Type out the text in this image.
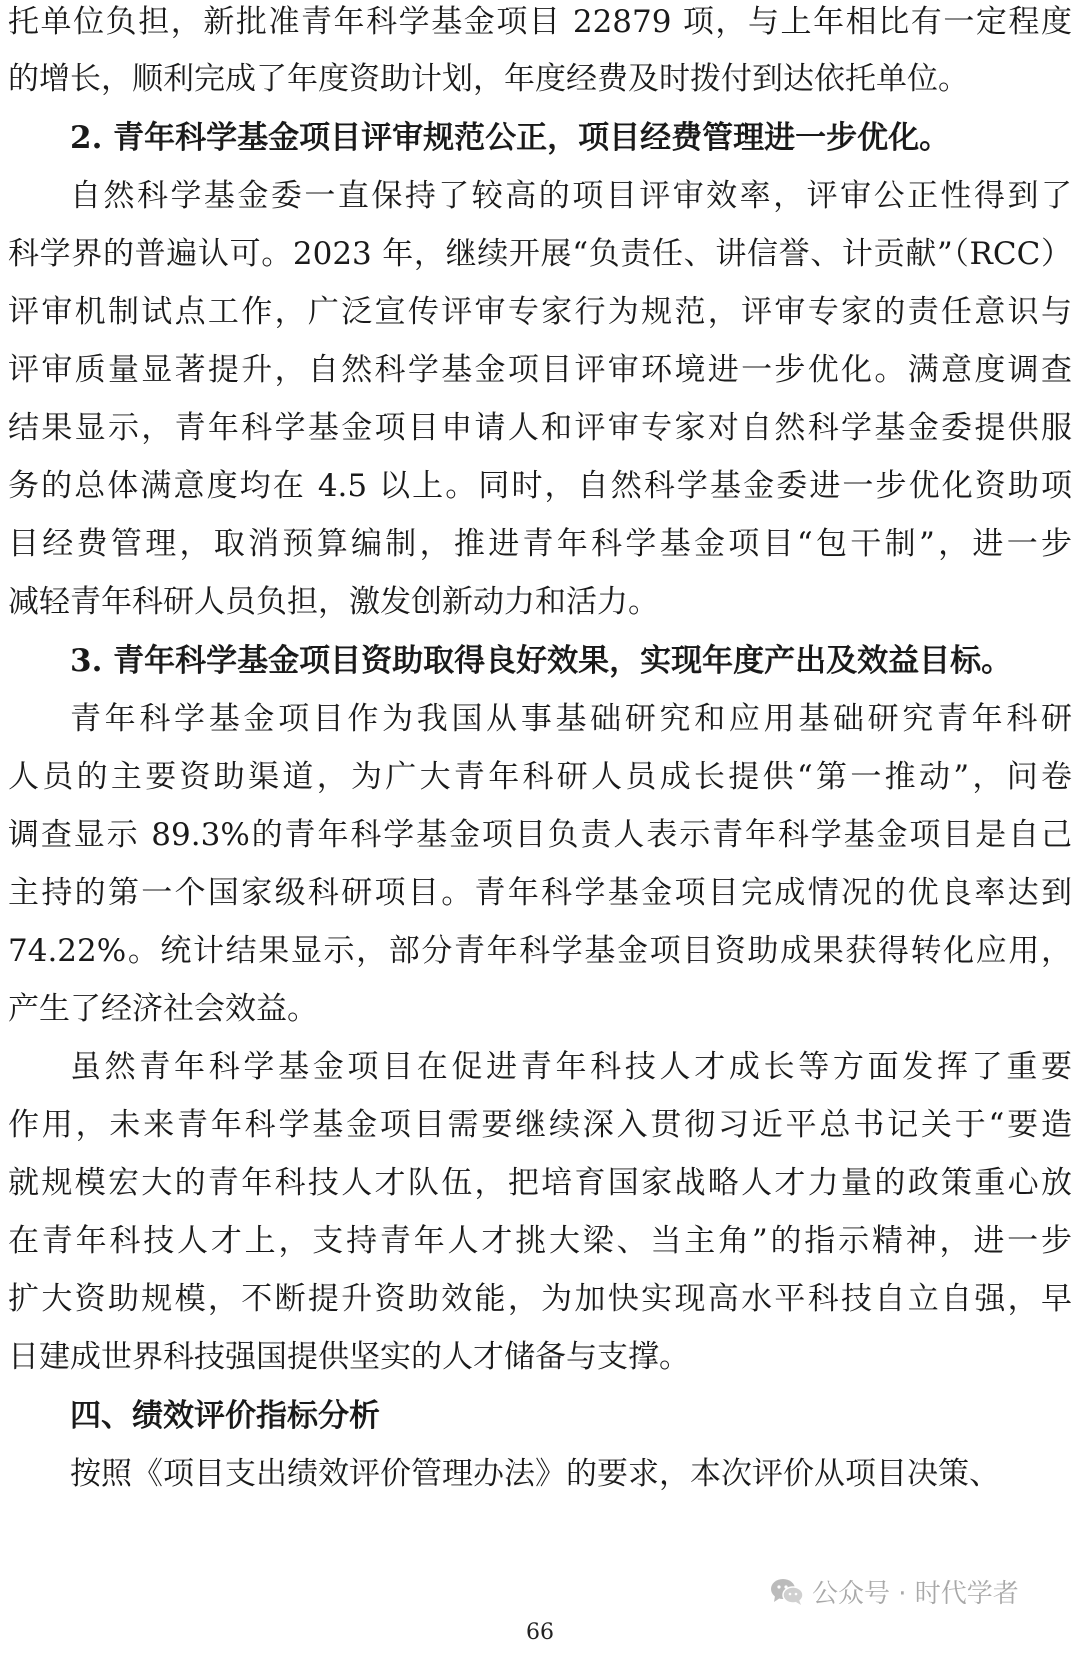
托单位负担，新批准青年科学基金项目 22879 项，与上年相比有一定程度
的增长，顺利完成了年度资助计划，年度经费及时拨付到达依托单位。
2. 青年科学基金项目评审规范公正，项目经费管理进一步优化。
自然科学基金委一直保持了较高的项目评审效率，评审公正性得到了
科学界的普遍认可。2023 年，继续开展“负责任、讲信誉、计贡献”（RCC）
评审机制试点工作，广泛宣传评审专家行为规范，评审专家的责任意识与
评审质量显著提升，自然科学基金项目评审环境进一步优化。满意度调查
结果显示，青年科学基金项目申请人和评审专家对自然科学基金委提供服
务的总体满意度均在 4.5 以上。同时，自然科学基金委进一步优化资助项
目经费管理，取消预算编制，推进青年科学基金项目“包干制”，进一步
减轻青年科研人员负担，激发创新动力和活力。
3. 青年科学基金项目资助取得良好效果，实现年度产出及效益目标。
青年科学基金项目作为我国从事基础研究和应用基础研究青年科研
人员的主要资助渠道，为广大青年科研人员成长提供“第一推动”，问卷
调查显示 89.3%的青年科学基金项目负责人表示青年科学基金项目是自己
主持的第一个国家级科研项目。青年科学基金项目完成情况的优良率达到
74.22%。统计结果显示，部分青年科学基金项目资助成果获得转化应用，
产生了经济社会效益。
虽然青年科学基金项目在促进青年科技人才成长等方面发挥了重要
作用，未来青年科学基金项目需要继续深入贯彻习近平总书记关于“要造
就规模宏大的青年科技人才队伍，把培育国家战略人才力量的政策重心放
在青年科技人才上，支持青年人才挑大梁、当主角”的指示精神，进一步
扩大资助规模，不断提升资助效能，为加快实现高水平科技自立自强，早
日建成世界科技强国提供坚实的人才储备与支撑。
四、绩效评价指标分析
按照《项目支出绩效评价管理办法》的要求，本次评价从项目决策、
公众号 · 时代学者
66
